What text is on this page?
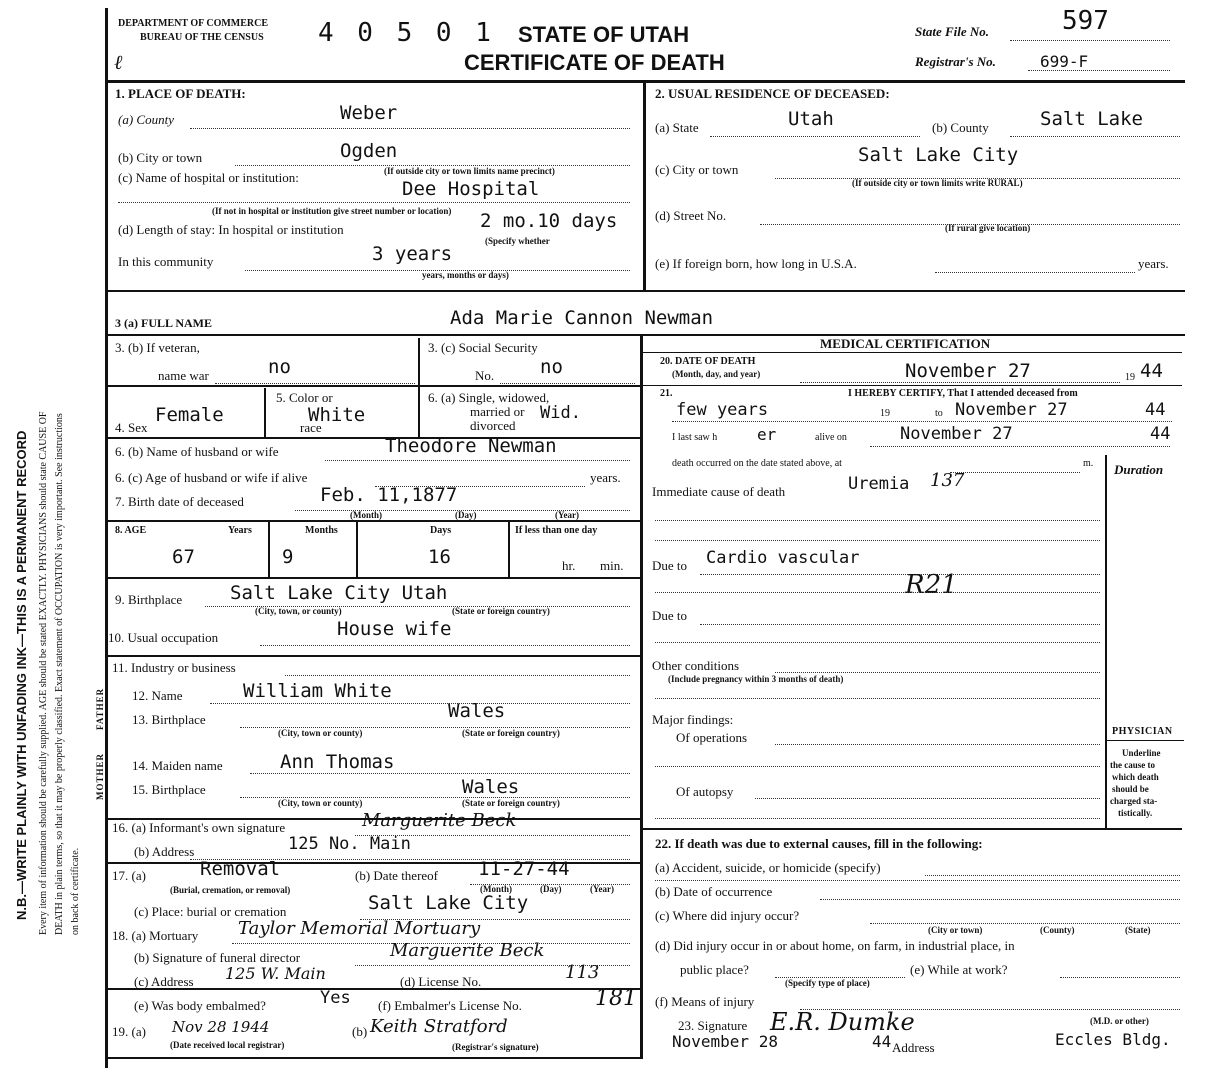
N.B.—WRITE PLAINLY WITH UNFADING INK—THIS IS A PERMANENT RECORD Every item of information should be carefully supplied. AGE should be stated EXACTLY. PHYSICIANS should state CAUSE OF DEATH in plain terms, so that it may be properly classified. Exact statement of OCCUPATION is very important. See instructions on back of certificate.
DEPARTMENT OF COMMERCE
BUREAU OF THE CENSUS
ℓ
4 0 5 0 1 STATE OF UTAH
CERTIFICATE OF DEATH
State File No.	597
Registrar's No.	699-F
1. PLACE OF DEATH:
(a) County	Weber
(b) City or town	Ogden
(c) Name of hospital or institution:	(If outside city or town limits name precinct)
Dee Hospital
(If not in hospital or institution give street number or location)
(d) Length of stay: In hospital or institution	2 mo.10 days
(Specify whether
In this community	3 years
years, months or days)
2. USUAL RESIDENCE OF DECEASED:
(a) State	Utah	(b) County	Salt Lake
(c) City or town
Salt Lake City
(If outside city or town limits write RURAL)
(d) Street No.
(If rural give location)
(e) If foreign born, how long in U.S.A.	years.
3 (a) FULL NAME	Ada Marie Cannon Newman
3. (b) If veteran,
name war	no
3. (c) Social Security
No. no
4. Sex
Female
5. Color or
race
White
6. (a) Single, widowed,
married or
divorced
Wid.
6. (b) Name of husband or wife	Theodore Newman
6. (c) Age of husband or wife if alive	years.
7. Birth date of deceased	Feb. 11,1877
(Month)	(Day)	(Year)
8. AGE	Years	Months	Days	If less than one day
67	9	16	hr. min.
9. Birthplace	Salt Lake City Utah
(City, town, or county)	(State or foreign country)
10. Usual occupation	House wife
11. Industry or business
FATHER 12. Name	William White
13. Birthplace	Wales
(City, town or county)	(State or foreign country)
MOTHER 14. Maiden name	Ann Thomas
15. Birthplace	Wales
(City, town or county)	(State or foreign country)
16. (a) Informant's own signature	Marguerite Beck
(b) Address	125 No. Main
17. (a)	Removal
(Burial, cremation, or removal)
(b) Date thereof 11-27-44
(Month)	(Day)	(Year)
(c) Place: burial or cremation	Salt Lake City
18. (a) Mortuary Taylor Memorial Mortuary
(b) Signature of funeral director	Marguerite Beck
(c) Address 125 W. Main	(d) License No.	113
(e) Was body embalmed?	Yes (f) Embalmer's License No.	181
19. (a) Nov 28 1944
(Date received local registrar)
(b) Keith Stratford
(Registrar's signature)
MEDICAL CERTIFICATION
20. DATE OF DEATH
(Month, day, and year)	November 27	19 44
21.	I HEREBY CERTIFY, That I attended deceased from
few years	19	to November 27	44
I last saw h er	alive on	November 27	44
death occurred on the date stated above, at	m. Duration
Immediate cause of death	Uremia 137
Due to Cardio vascular
R21
Due to
Other conditions
(Include pregnancy within 3 months of death)
Major findings:
Of operations
Of autopsy
PHYSICIAN
Underline
the cause to
which death
should be
charged sta-
tistically.
22. If death was due to external causes, fill in the following:
(a) Accident, suicide, or homicide (specify)
(b) Date of occurrence
(c) Where did injury occur?
(City or town)	(County)	(State)
(d) Did injury occur in or about home, on farm, in industrial place, in
public place?
(Specify type of place)
(e) While at work?
(f) Means of injury
23. Signature E.R. Dumke	(M.D. or other)
November 28	44 Address	Eccles Bldg.
